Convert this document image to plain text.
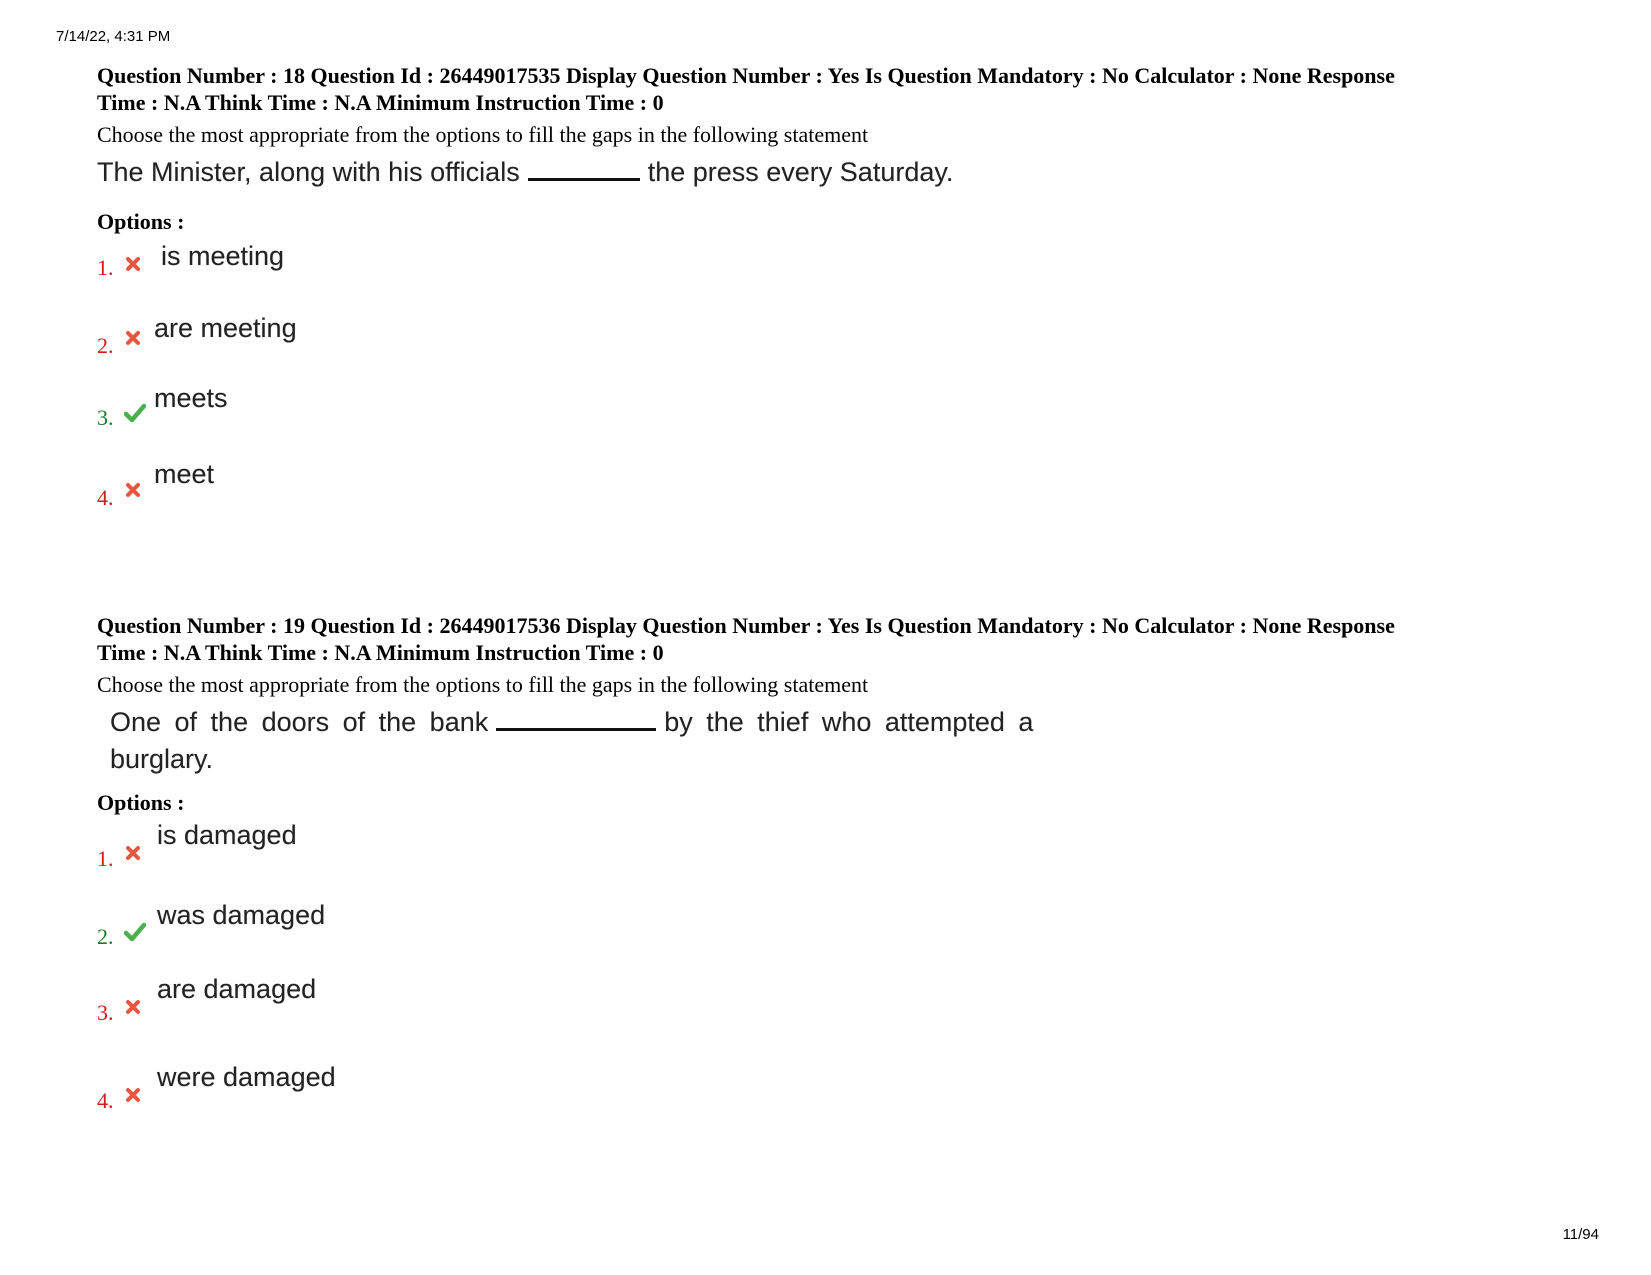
7/14/22, 4:31 PM
Question Number : 18 Question Id : 26449017535 Display Question Number : Yes Is Question Mandatory : No Calculator : None Response
Time : N.A Think Time : N.A Minimum Instruction Time : 0
Choose the most appropriate from the options to fill the gaps in the following statement
The Minister, along with his officials	the press every Saturday.
Options :
1. is meeting
2.
are meeting
3.
meets
4.
meet
Question Number : 19 Question Id : 26449017536 Display Question Number : Yes Is Question Mandatory : No Calculator : None Response
Time : N.A Think Time : N.A Minimum Instruction Time : 0
Choose the most appropriate from the options to fill the gaps in the following statement
One of the doors of the bank	by the thief who attempted a
burglary.
Options :
1.
is damaged
2.
was damaged
3.
are damaged
4.
were damaged
11/94
